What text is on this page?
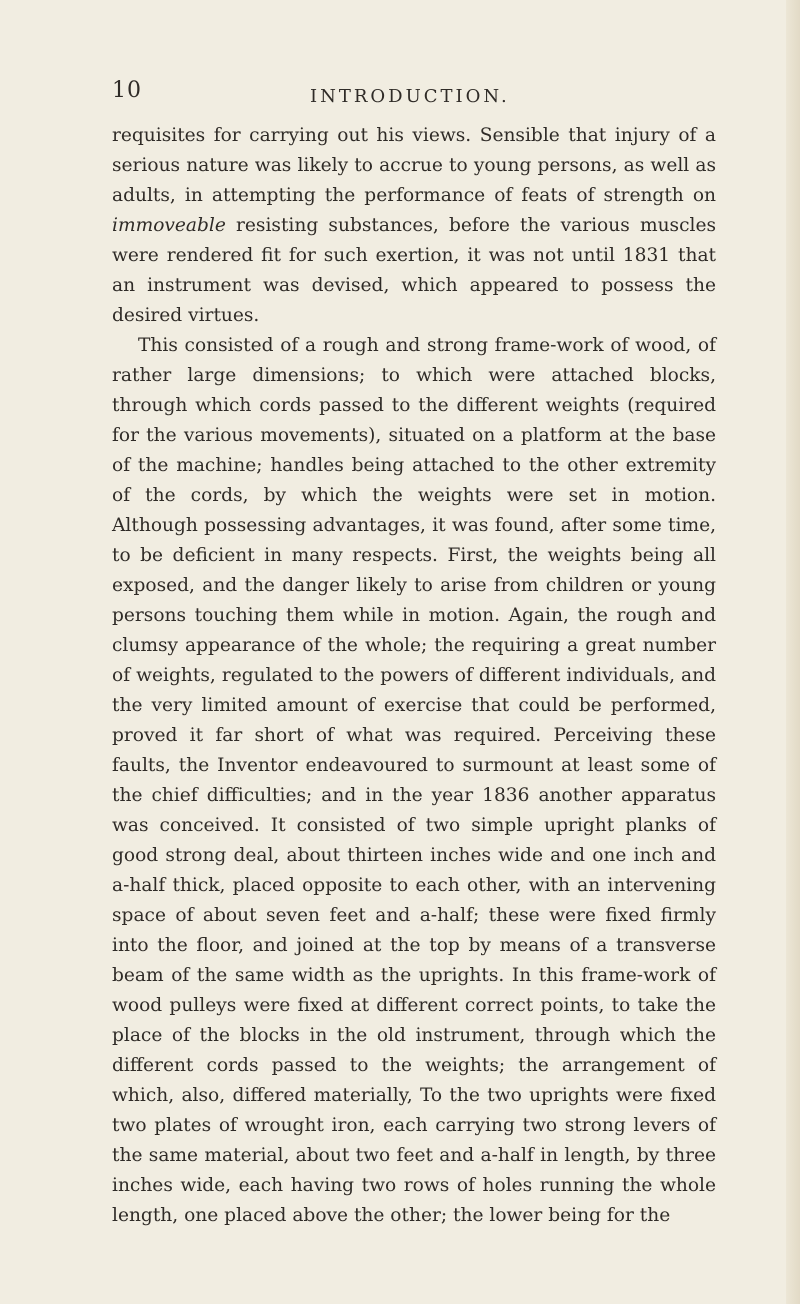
10	INTRODUCTION.

requisites for carrying out his views. Sensible that injury of a serious nature was likely to accrue to young persons, as well as adults, in attempting the performance of feats of strength on immoveable resisting substances, before the various muscles were rendered fit for such exertion, it was not until 1831 that an instrument was devised, which appeared to possess the desired virtues.

This consisted of a rough and strong frame-work of wood, of rather large dimensions; to which were attached blocks, through which cords passed to the different weights (required for the various movements), situated on a platform at the base of the machine; handles being attached to the other extremity of the cords, by which the weights were set in motion. Although possessing advantages, it was found, after some time, to be deficient in many respects. First, the weights being all exposed, and the danger likely to arise from children or young persons touching them while in motion. Again, the rough and clumsy appearance of the whole; the requiring a great number of weights, regulated to the powers of different individuals, and the very limited amount of exercise that could be performed, proved it far short of what was required. Perceiving these faults, the Inventor endeavoured to surmount at least some of the chief difficulties; and in the year 1836 another apparatus was conceived. It consisted of two simple upright planks of good strong deal, about thirteen inches wide and one inch and a-half thick, placed opposite to each other, with an intervening space of about seven feet and a-half; these were fixed firmly into the floor, and joined at the top by means of a transverse beam of the same width as the uprights. In this frame-work of wood pulleys were fixed at different correct points, to take the place of the blocks in the old instrument, through which the different cords passed to the weights; the arrangement of which, also, differed materially, To the two uprights were fixed two plates of wrought iron, each carrying two strong levers of the same material, about two feet and a-half in length, by three inches wide, each having two rows of holes running the whole length, one placed above the other; the lower being for the
